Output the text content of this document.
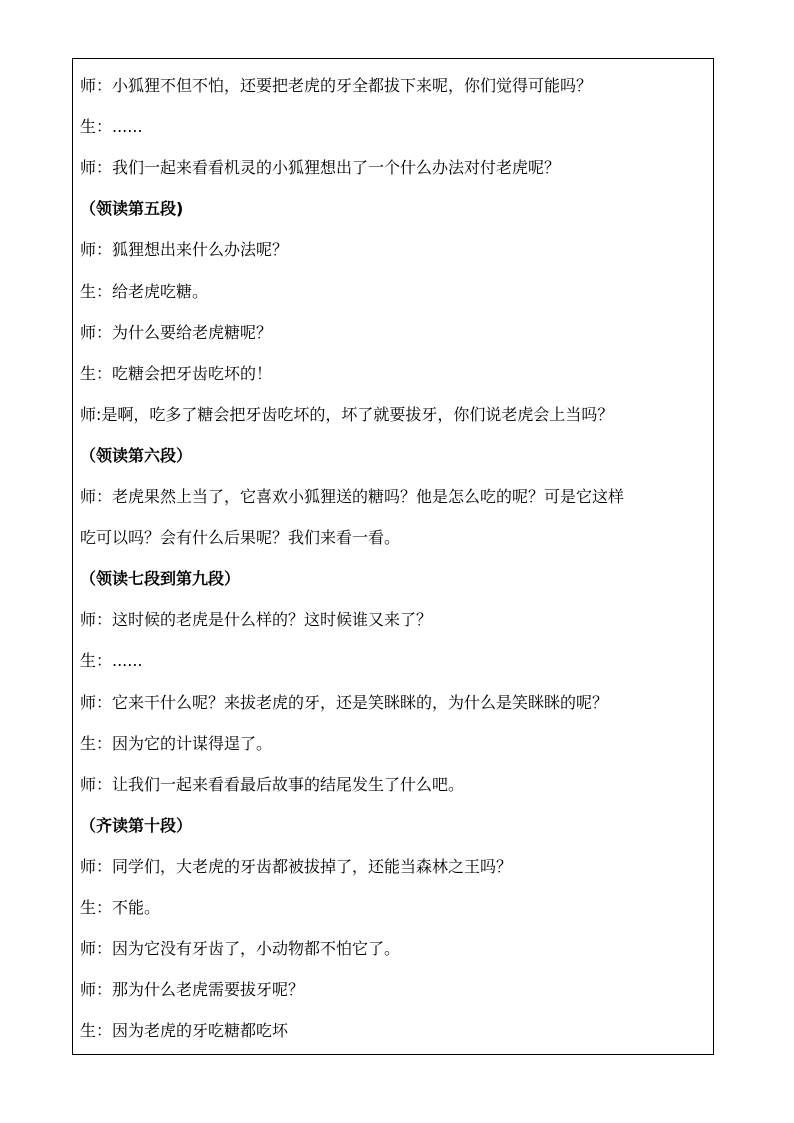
师：小狐狸不但不怕，还要把老虎的牙全都拔下来呢，你们觉得可能吗？
生：......
师：我们一起来看看机灵的小狐狸想出了一个什么办法对付老虎呢？
（领读第五段)
师：狐狸想出来什么办法呢？
生：给老虎吃糖。
师：为什么要给老虎糖呢？
生：吃糖会把牙齿吃坏的！
师:是啊，吃多了糖会把牙齿吃坏的，坏了就要拔牙，你们说老虎会上当吗？
（领读第六段）
师：老虎果然上当了，它喜欢小狐狸送的糖吗？他是怎么吃的呢？可是它这样
吃可以吗？会有什么后果呢？我们来看一看。
（领读七段到第九段）
师：这时候的老虎是什么样的？这时候谁又来了？
生：......
师：它来干什么呢？来拔老虎的牙，还是笑眯眯的，为什么是笑眯眯的呢？
生：因为它的计谋得逞了。
师：让我们一起来看看最后故事的结尾发生了什么吧。
（齐读第十段）
师：同学们，大老虎的牙齿都被拔掉了，还能当森林之王吗？
生：不能。
师：因为它没有牙齿了，小动物都不怕它了。
师：那为什么老虎需要拔牙呢？
生：因为老虎的牙吃糖都吃坏
